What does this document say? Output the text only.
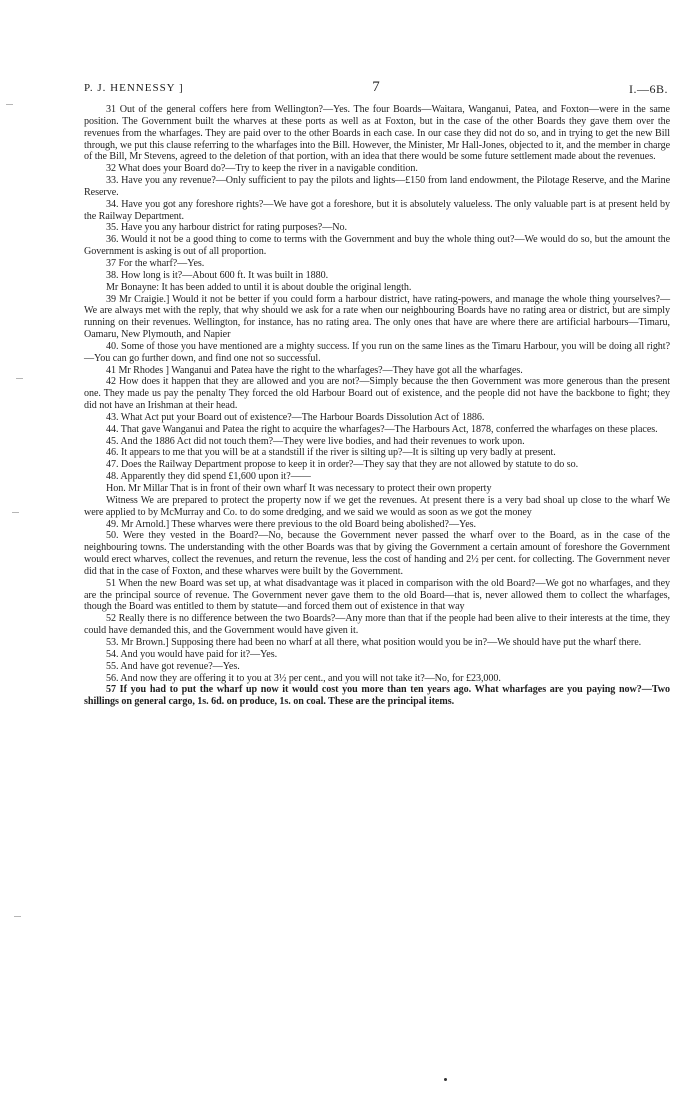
P. J. HENNESSY ]	7	I.—6B.

31 Out of the general coffers here from Wellington?—Yes. The four Boards—Waitara, Wanganui, Patea, and Foxton—were in the same position. The Government built the wharves at these ports as well as at Foxton, but in the case of the other Boards they gave them over the revenues from the wharfages. They are paid over to the other Boards in each case. In our case they did not do so, and in trying to get the new Bill through, we put this clause referring to the wharfages into the Bill. However, the Minister, Mr Hall-Jones, objected to it, and the member in charge of the Bill, Mr Stevens, agreed to the deletion of that portion, with an idea that there would be some future settlement made about the revenues.

32 What does your Board do?—Try to keep the river in a navigable condition.

33. Have you any revenue?—Only sufficient to pay the pilots and lights—£150 from land endowment, the Pilotage Reserve, and the Marine Reserve.

34. Have you got any foreshore rights?—We have got a foreshore, but it is absolutely valueless. The only valuable part is at present held by the Railway Department.

35. Have you any harbour district for rating purposes?—No.

36. Would it not be a good thing to come to terms with the Government and buy the whole thing out?—We would do so, but the amount the Government is asking is out of all proportion.

37 For the wharf?—Yes.

38. How long is it?—About 600 ft. It was built in 1880.

Mr Bonayne: It has been added to until it is about double the original length.

39 Mr Craigie.] Would it not be better if you could form a harbour district, have rating-powers, and manage the whole thing yourselves?—We are always met with the reply, that why should we ask for a rate when our neighbouring Boards have no rating area or district, but are simply running on their revenues. Wellington, for instance, has no rating area. The only ones that have are where there are artificial harbours—Timaru, Oamaru, New Plymouth, and Napier

40. Some of those you have mentioned are a mighty success. If you run on the same lines as the Timaru Harbour, you will be doing all right?—You can go further down, and find one not so successful.

41 Mr Rhodes ] Wanganui and Patea have the right to the wharfages?—They have got all the wharfages.

42 How does it happen that they are allowed and you are not?—Simply because the then Government was more generous than the present one. They made us pay the penalty They forced the old Harbour Board out of existence, and the people did not have the backbone to fight; they did not have an Irishman at their head.

43. What Act put your Board out of existence?—The Harbour Boards Dissolution Act of 1886.

44. That gave Wanganui and Patea the right to acquire the wharfages?—The Harbours Act, 1878, conferred the wharfages on these places.

45. And the 1886 Act did not touch them?—They were live bodies, and had their revenues to work upon.

46. It appears to me that you will be at a standstill if the river is silting up?—It is silting up very badly at present.

47. Does the Railway Department propose to keep it in order?—They say that they are not allowed by statute to do so.

48. Apparently they did spend £1,600 upon it?——

Hon. Mr Millar That is in front of their own wharf It was necessary to protect their own property

Witness We are prepared to protect the property now if we get the revenues. At present there is a very bad shoal up close to the wharf We were applied to by McMurray and Co. to do some dredging, and we said we would as soon as we got the money

49. Mr Arnold.] These wharves were there previous to the old Board being abolished?—Yes.

50. Were they vested in the Board?—No, because the Government never passed the wharf over to the Board, as in the case of the neighbouring towns. The understanding with the other Boards was that by giving the Government a certain amount of foreshore the Government would erect wharves, collect the revenues, and return the revenue, less the cost of handing and 2½ per cent. for collecting. The Government never did that in the case of Foxton, and these wharves were built by the Government.

51 When the new Board was set up, at what disadvantage was it placed in comparison with the old Board?—We got no wharfages, and they are the principal source of revenue. The Government never gave them to the old Board—that is, never allowed them to collect the wharfages, though the Board was entitled to them by statute—and forced them out of existence in that way

52 Really there is no difference between the two Boards?—Any more than that if the people had been alive to their interests at the time, they could have demanded this, and the Government would have given it.

53. Mr Brown.] Supposing there had been no wharf at all there, what position would you be in?—We should have put the wharf there.

54. And you would have paid for it?—Yes.

55. And have got revenue?—Yes.

56. And now they are offering it to you at 3½ per cent., and you will not take it?—No, for £23,000.

57 If you had to put the wharf up now it would cost you more than ten years ago. What wharfages are you paying now?—Two shillings on general cargo, 1s. 6d. on produce, 1s. on coal. These are the principal items.
